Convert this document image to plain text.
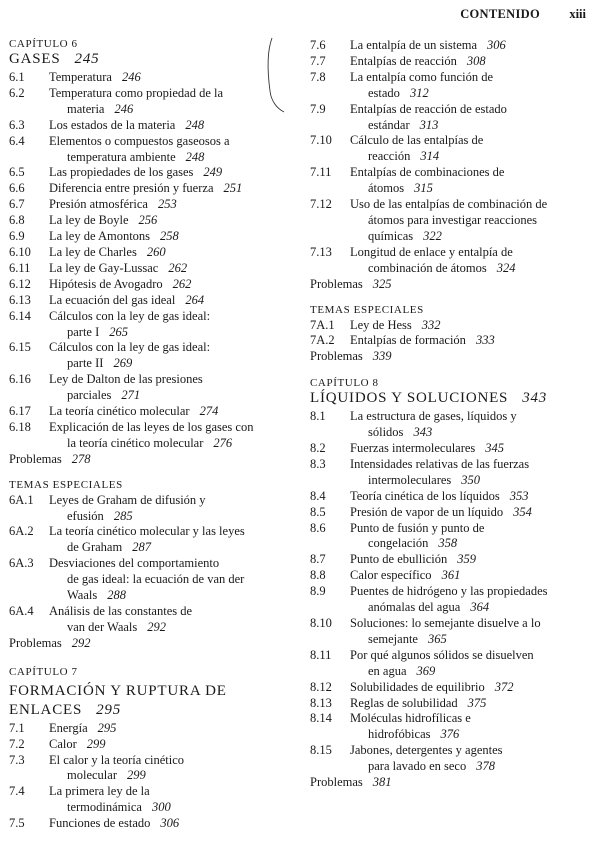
CONTENIDO xiii
CAPÍTULO 6
GASES 245
6.1	Temperatura 246
6.2	Temperatura como propiedad de la
materia 246
6.3	Los estados de la materia 248
6.4	Elementos o compuestos gaseosos a
temperatura ambiente 248
6.5	Las propiedades de los gases 249
6.6	Diferencia entre presión y fuerza 251
6.7	Presión atmosférica 253
6.8	La ley de Boyle 256
6.9	La ley de Amontons 258
6.10	La ley de Charles 260
6.11	La ley de Gay-Lussac 262
6.12	Hipótesis de Avogadro 262
6.13	La ecuación del gas ideal 264
6.14	Cálculos con la ley de gas ideal:
parte I 265
6.15	Cálculos con la ley de gas ideal:
parte II 269
6.16	Ley de Dalton de las presiones
parciales 271
6.17	La teoría cinético molecular 274
6.18	Explicación de las leyes de los gases con
la teoría cinético molecular 276
Problemas 278
TEMAS ESPECIALES
6A.1	Leyes de Graham de difusión y
efusión 285
6A.2	La teoría cinético molecular y las leyes
de Graham 287
6A.3	Desviaciones del comportamiento
de gas ideal: la ecuación de van der
Waals 288
6A.4	Análisis de las constantes de
van der Waals 292
Problemas 292
CAPÍTULO 7
FORMACIÓN Y RUPTURA DE
ENLACES 295
7.1	Energía 295
7.2	Calor 299
7.3	El calor y la teoría cinético
molecular 299
7.4	La primera ley de la
termodinámica 300
7.5	Funciones de estado 306
7.6	La entalpía de un sistema 306
7.7	Entalpías de reacción 308
7.8	La entalpía como función de
estado 312
7.9	Entalpías de reacción de estado
estándar 313
7.10	Cálculo de las entalpías de
reacción 314
7.11	Entalpías de combinaciones de
átomos 315
7.12	Uso de las entalpías de combinación de
átomos para investigar reacciones
químicas 322
7.13	Longitud de enlace y entalpía de
combinación de átomos 324
Problemas 325
TEMAS ESPECIALES
7A.1	Ley de Hess 332
7A.2	Entalpías de formación 333
Problemas 339
CAPÍTULO 8
LÍQUIDOS Y SOLUCIONES 343
8.1	La estructura de gases, líquidos y
sólidos 343
8.2	Fuerzas intermoleculares 345
8.3	Intensidades relativas de las fuerzas
intermoleculares 350
8.4	Teoría cinética de los líquidos 353
8.5	Presión de vapor de un líquido 354
8.6	Punto de fusión y punto de
congelación 358
8.7	Punto de ebullición 359
8.8	Calor específico 361
8.9	Puentes de hidrógeno y las propiedades
anómalas del agua 364
8.10	Soluciones: lo semejante disuelve a lo
semejante 365
8.11	Por qué algunos sólidos se disuelven
en agua 369
8.12	Solubilidades de equilibrio 372
8.13	Reglas de solubilidad 375
8.14	Moléculas hidrofílicas e
hidrofóbicas 376
8.15	Jabones, detergentes y agentes
para lavado en seco 378
Problemas 381
